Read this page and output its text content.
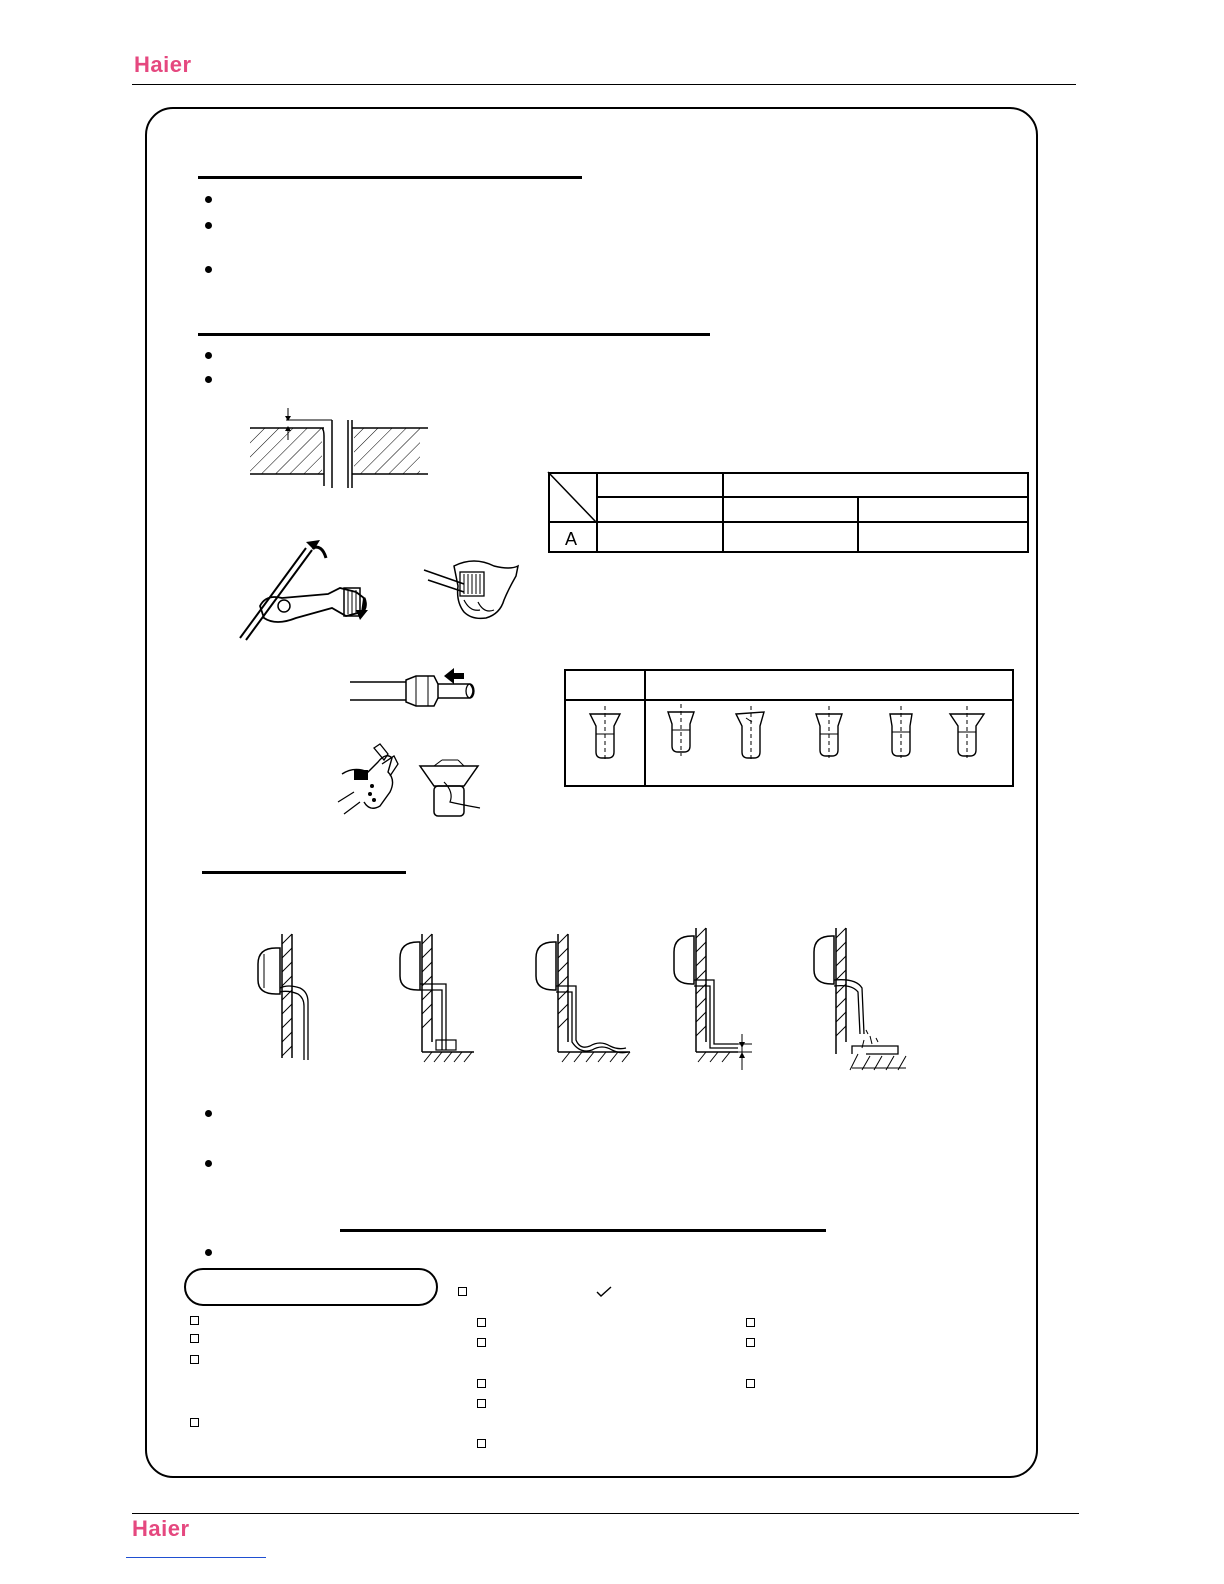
Haier
A
Haier
